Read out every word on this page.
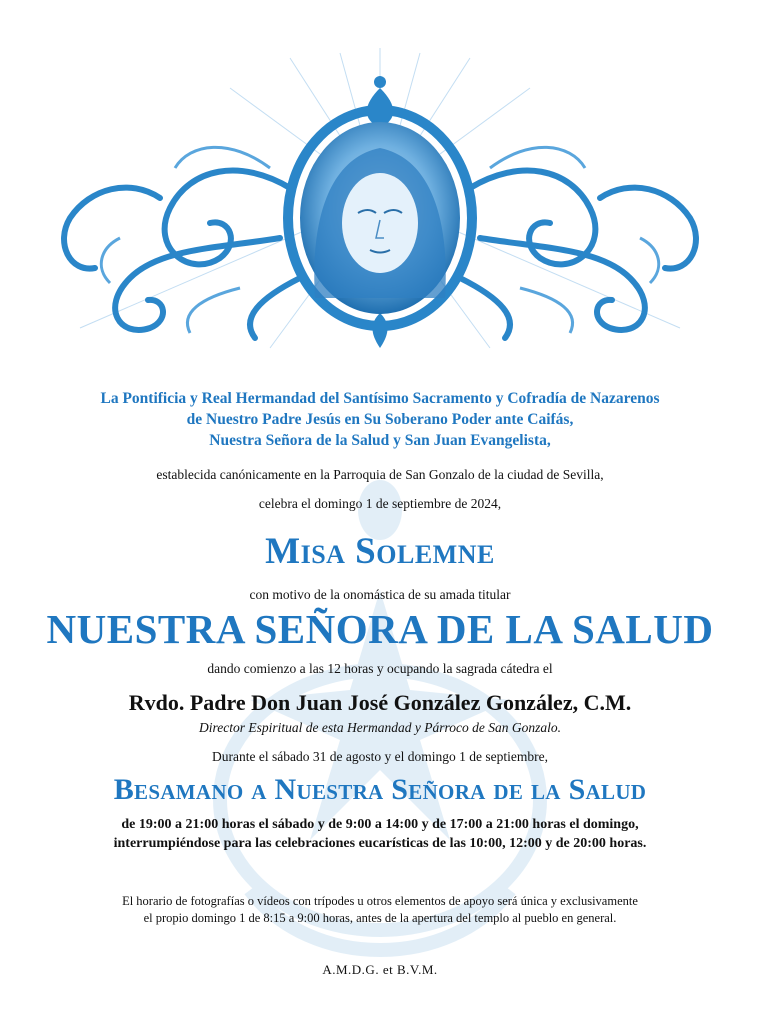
La Pontificia y Real Hermandad del Santísimo Sacramento y Cofradía de Nazarenos
de Nuestro Padre Jesús en Su Soberano Poder ante Caifás,
Nuestra Señora de la Salud y San Juan Evangelista,
establecida canónicamente en la Parroquia de San Gonzalo de la ciudad de Sevilla,
celebra el domingo 1 de septiembre de 2024,
Misa Solemne
con motivo de la onomástica de su amada titular
NUESTRA SEÑORA DE LA SALUD
dando comienzo a las 12 horas y ocupando la sagrada cátedra el
Rvdo. Padre Don Juan José González González, C.M.
Director Espiritual de esta Hermandad y Párroco de San Gonzalo.
Durante el sábado 31 de agosto y el domingo 1 de septiembre,
Besamano a Nuestra Señora de la Salud
de 19:00 a 21:00 horas el sábado y de 9:00 a 14:00 y de 17:00 a 21:00 horas el domingo,
interrumpiéndose para las celebraciones eucarísticas de las 10:00, 12:00 y de 20:00 horas.
El horario de fotografías o vídeos con trípodes u otros elementos de apoyo será única y exclusivamente
el propio domingo 1 de 8:15 a 9:00 horas, antes de la apertura del templo al pueblo en general.
A.M.D.G. et B.V.M.
